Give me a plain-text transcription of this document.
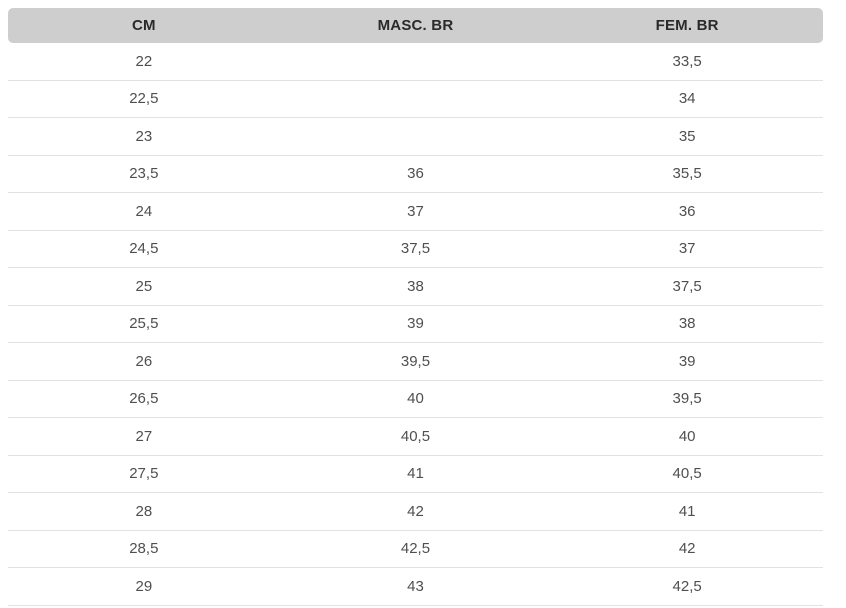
CM	MASC. BR	FEM. BR
22		33,5
22,5		34
23		35
23,5	36	35,5
24	37	36
24,5	37,5	37
25	38	37,5
25,5	39	38
26	39,5	39
26,5	40	39,5
27	40,5	40
27,5	41	40,5
28	42	41
28,5	42,5	42
29	43	42,5
